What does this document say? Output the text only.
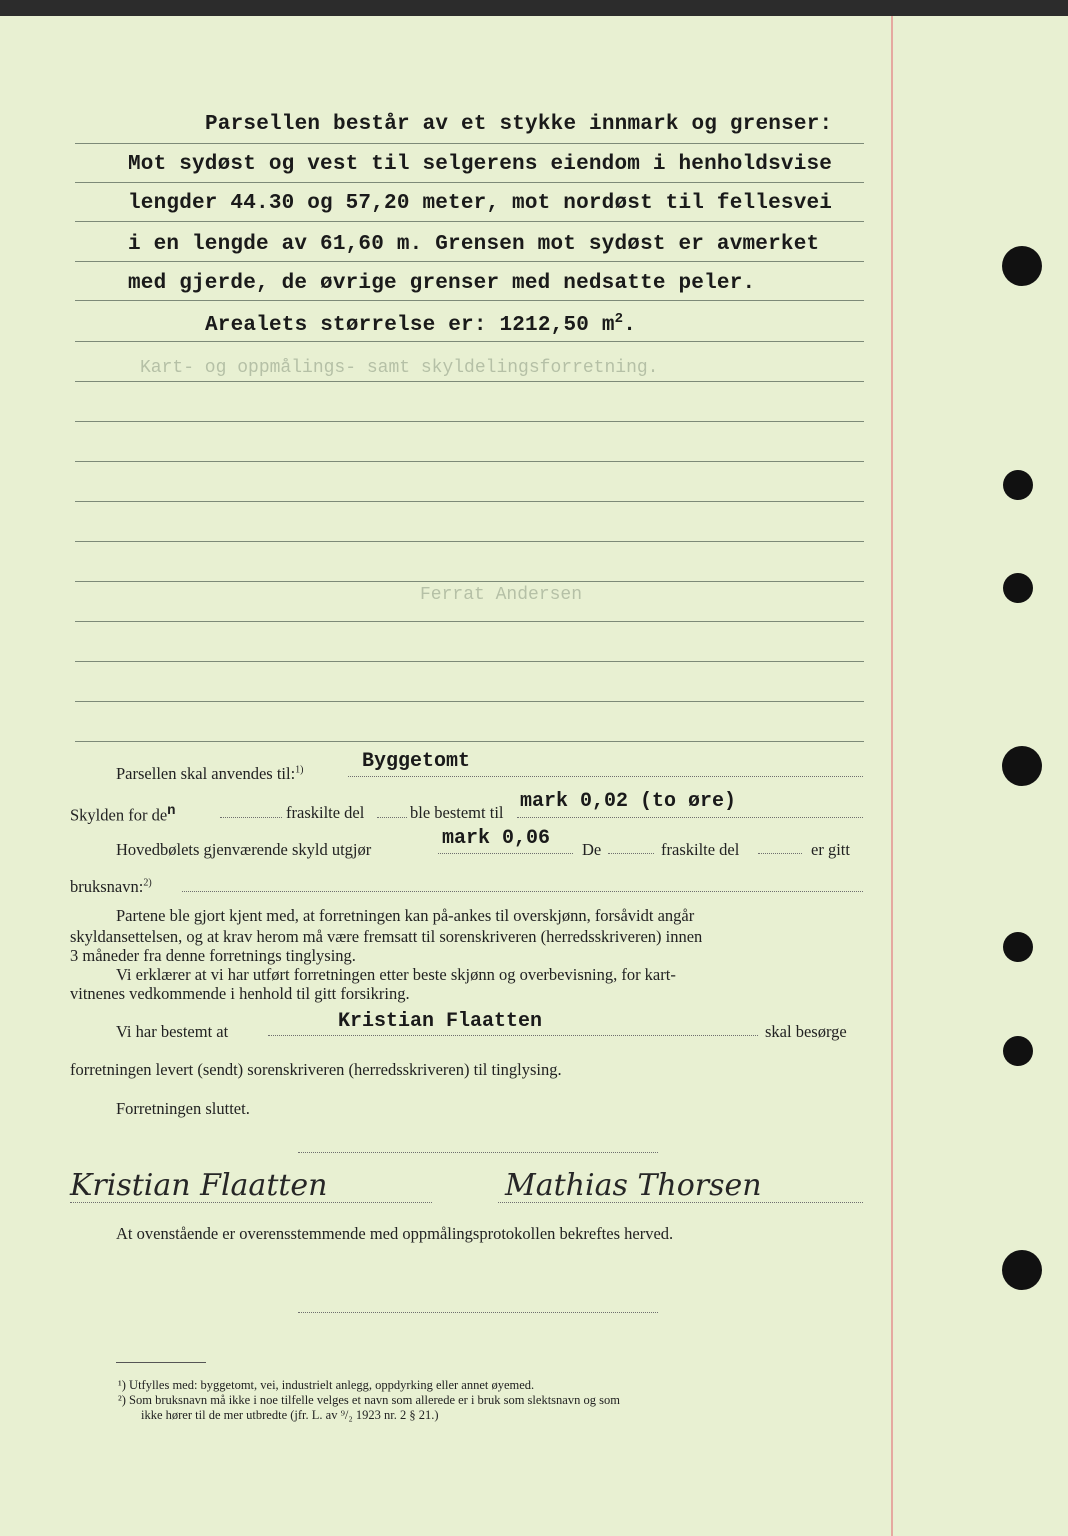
Kart- og oppmålings- samt skyldelingsforretning.
Ferrat Andersen
Parsellen består av et stykke innmark og grenser:
Mot sydøst og vest til selgerens eiendom i henholdsvise
lengder 44.30 og 57,20 meter, mot nordøst til fellesvei
i en lengde av 61,60 m. Grensen mot sydøst er avmerket
med gjerde, de øvrige grenser med nedsatte peler.
Arealets størrelse er: 1212,50 $m^2$.
Parsellen skal anvendes til:$^{1)}$	Byggetomt
Skylden for $de^n$	fraskilte del	ble bestemt til mark 0,02 (to øre)
Hovedbølets gjenværende skyld utgjør	mark 0,06 De	fraskilte del	er gitt
bruksnavn:$^{2)}$
Partene ble gjort kjent med, at forretningen kan på-ankes til overskjønn, forsåvidt angår
skyldansettelsen, og at krav herom må være fremsatt til sorenskriveren (herredsskriveren) innen
3 måneder fra denne forretnings tinglysing.
Vi erklærer at vi har utført forretningen etter beste skjønn og overbevisning, for kart-
vitnenes vedkommende i henhold til gitt forsikring.
Vi har bestemt at	Kristian Flaatten	skal besørge
forretningen levert (sendt) sorenskriveren (herredsskriveren) til tinglysing.
Forretningen sluttet.
Kristian Flaatten	Mathias Thorsen
At ovenstående er overensstemmende med oppmålingsprotokollen bekreftes herved.
¹) Utfylles med: byggetomt, vei, industrielt anlegg, oppdyrking eller annet øyemed.
²) Som bruksnavn må ikke i noe tilfelle velges et navn som allerede er i bruk som slektsnavn og som
ikke hører til de mer utbredte (jfr. L. av ⁹/₂ 1923 nr. 2 § 21.)
